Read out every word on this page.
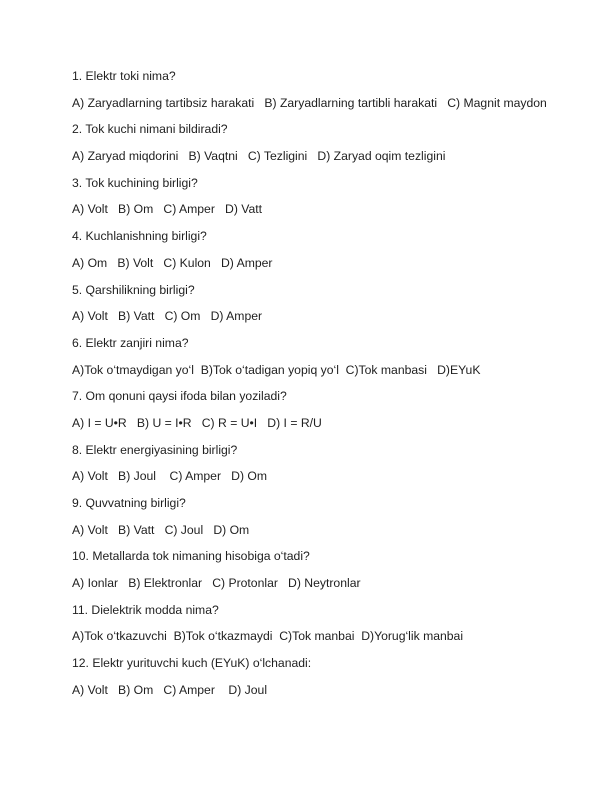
1. Elektr toki nima?
A) Zaryadlarning tartibsiz harakati   B) Zaryadlarning tartibli harakati   C) Magnit maydon
2. Tok kuchi nimani bildiradi?
A) Zaryad miqdorini   B) Vaqtni   C) Tezligini   D) Zaryad oqim tezligini
3. Tok kuchining birligi?
A) Volt   B) Om   C) Amper   D) Vatt
4. Kuchlanishning birligi?
A) Om   B) Volt   C) Kulon   D) Amper
5. Qarshilikning birligi?
A) Volt   B) Vatt   C) Om   D) Amper
6. Elektr zanjiri nima?
A)Tok o‘tmaydigan yo‘l  B)Tok o‘tadigan yopiq yo‘l  C)Tok manbasi   D)EYuK
7. Om qonuni qaysi ifoda bilan yoziladi?
A) I = U•R   B) U = I•R   C) R = U•I   D) I = R/U
8. Elektr energiyasining birligi?
A) Volt   B) Joul    C) Amper   D) Om
9. Quvvatning birligi?
A) Volt   B) Vatt   C) Joul   D) Om
10. Metallarda tok nimaning hisobiga o‘tadi?
A) Ionlar   B) Elektronlar   C) Protonlar   D) Neytronlar
11. Dielektrik modda nima?
A)Tok o‘tkazuvchi  B)Tok o‘tkazmaydi  C)Tok manbai  D)Yorug‘lik manbai
12. Elektr yurituvchi kuch (EYuK) o‘lchanadi:
A) Volt   B) Om   C) Amper    D) Joul
